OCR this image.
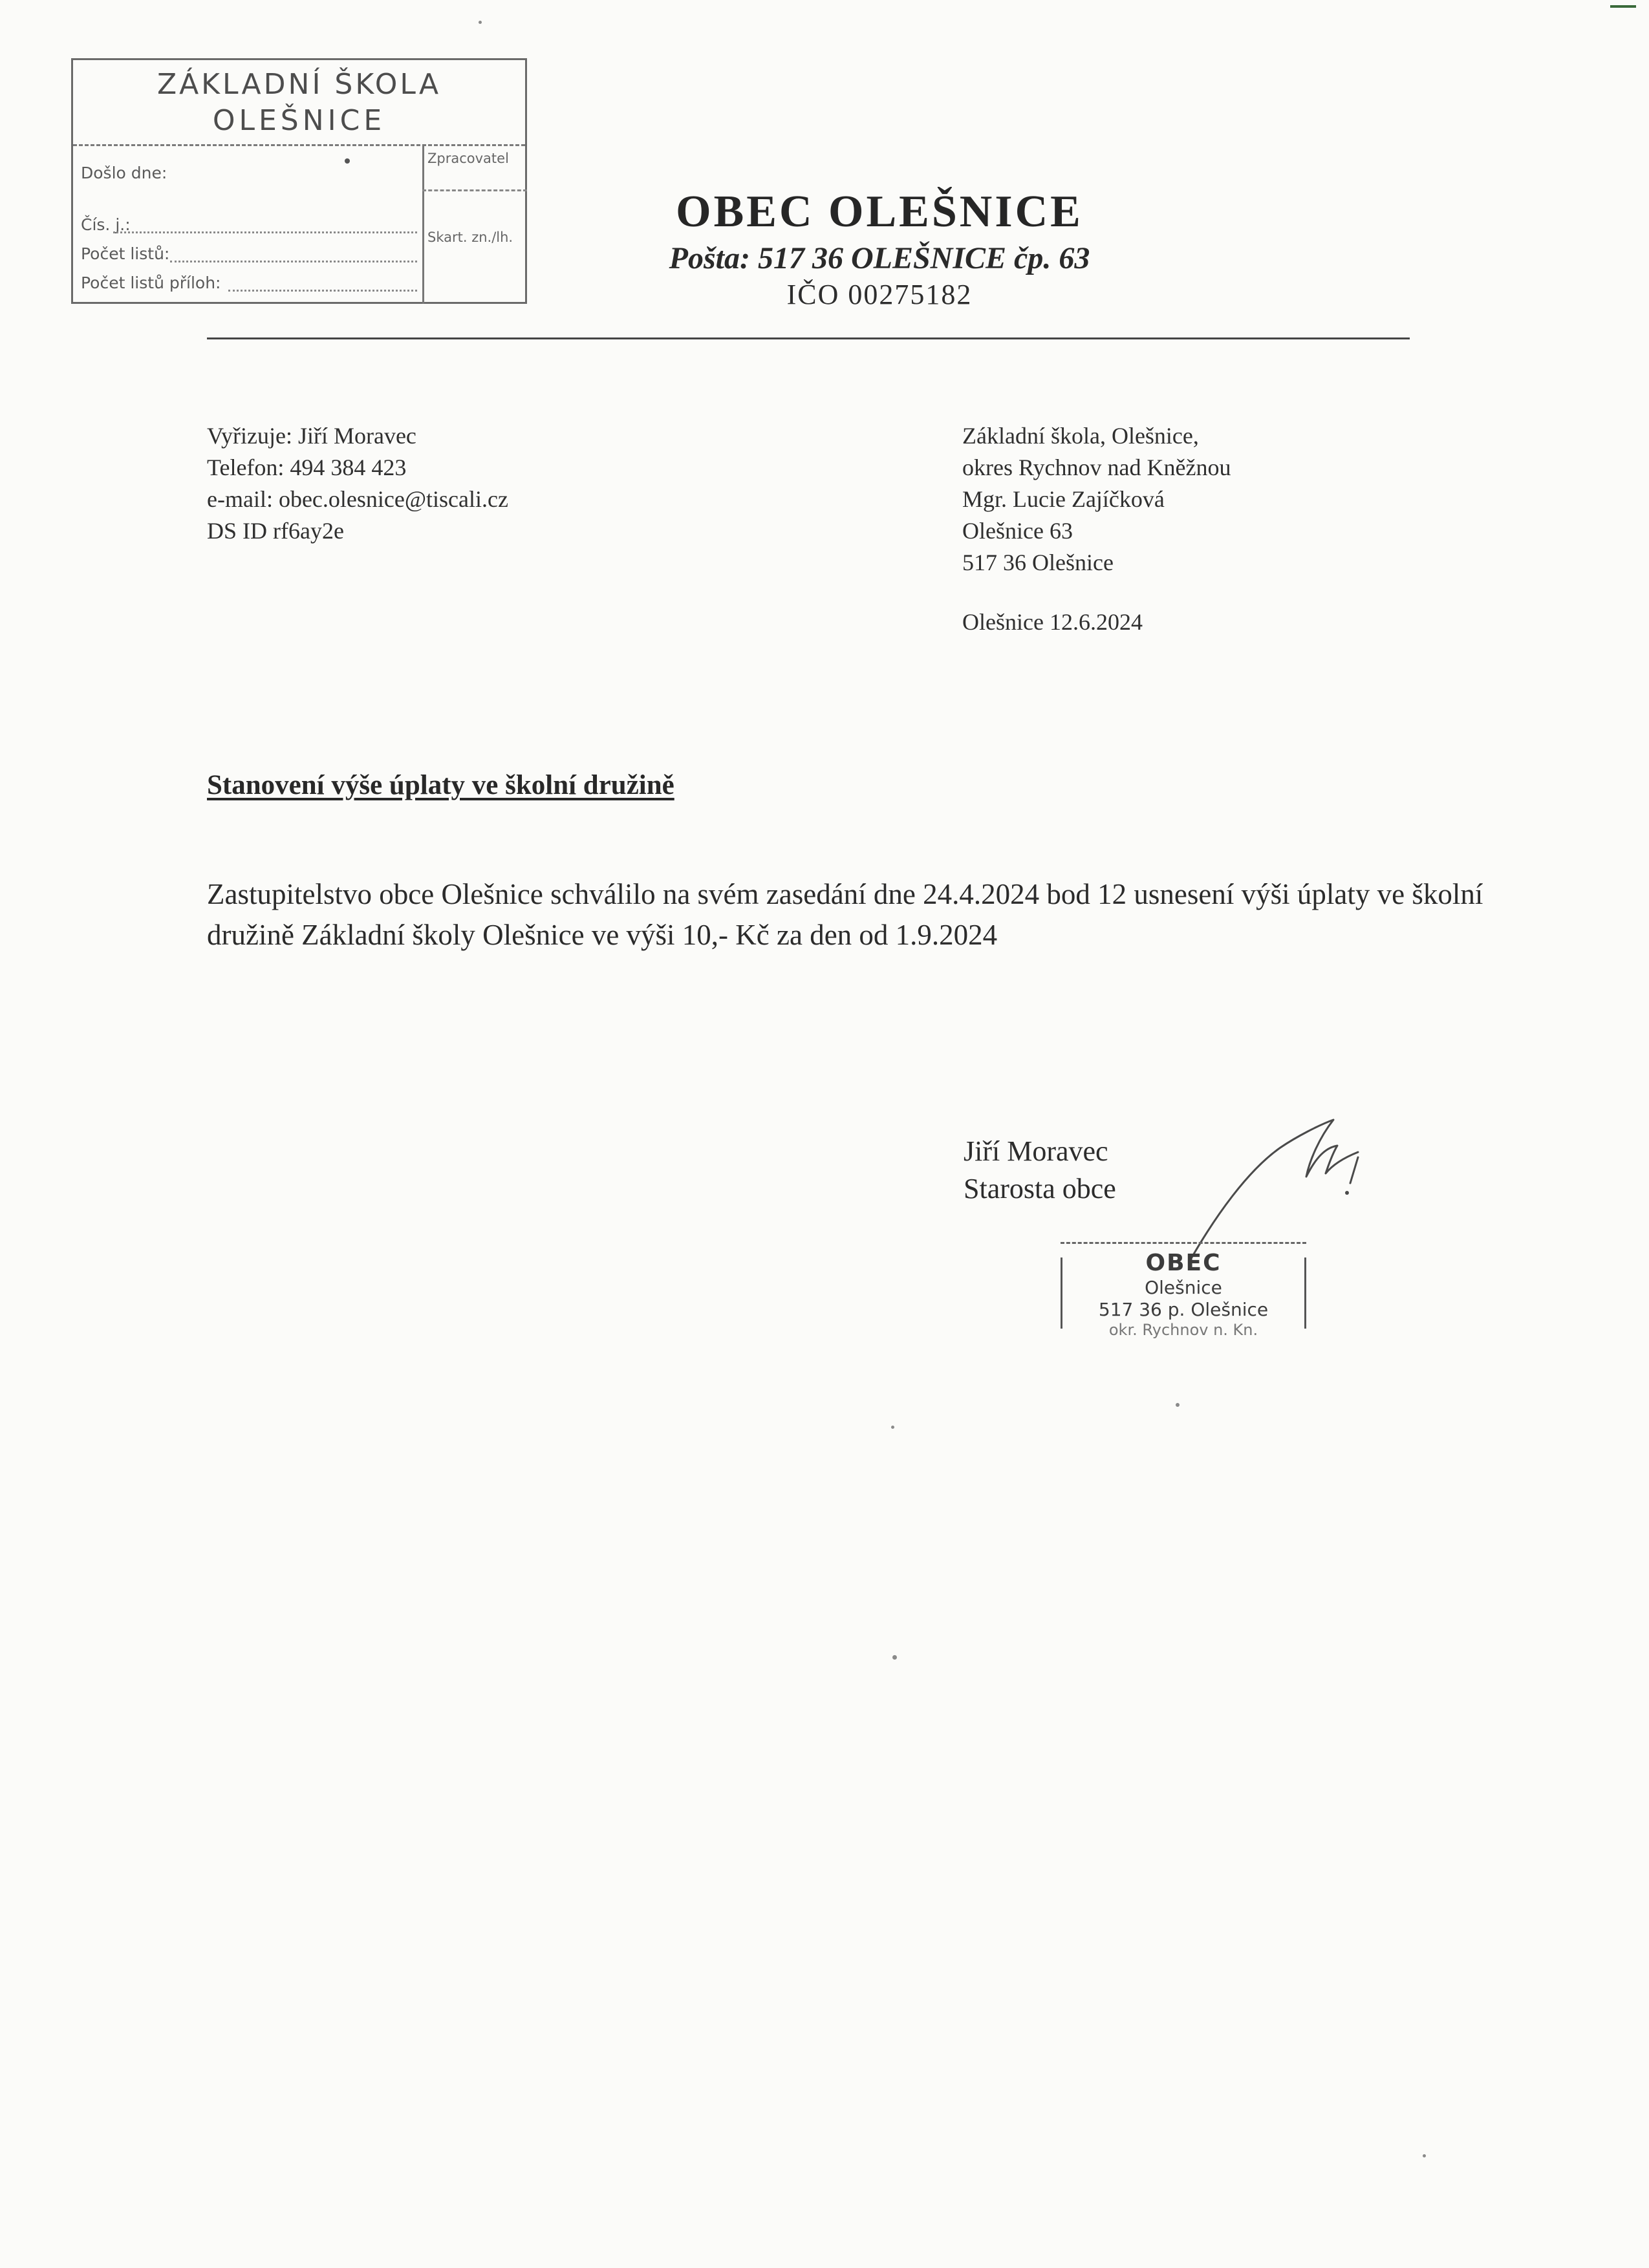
ZÁKLADNÍ ŠKOLA
OLEŠNICE
Došlo dne:
Čís. j.:
Počet listů:
Počet listů příloh:
Zpracovatel
Skart. zn./lh.
OBEC OLEŠNICE
Pošta: 517 36 OLEŠNICE čp. 63
IČO 00275182
Vyřizuje: Jiří Moravec
Telefon: 494 384 423
e-mail: obec.olesnice@tiscali.cz
DS ID rf6ay2e
Základní škola, Olešnice,
okres Rychnov nad Kněžnou
Mgr. Lucie Zajíčková
Olešnice 63
517 36 Olešnice
Olešnice 12.6.2024
Stanovení výše úplaty ve školní družině
Zastupitelstvo obce Olešnice schválilo na svém zasedání dne 24.4.2024 bod 12 usnesení výši úplaty ve školní družině Základní školy Olešnice ve výši 10,- Kč za den od 1.9.2024
Jiří Moravec
Starosta obce
OBEC
Olešnice
517 36 p. Olešnice
okr. Rychnov n. Kn.
